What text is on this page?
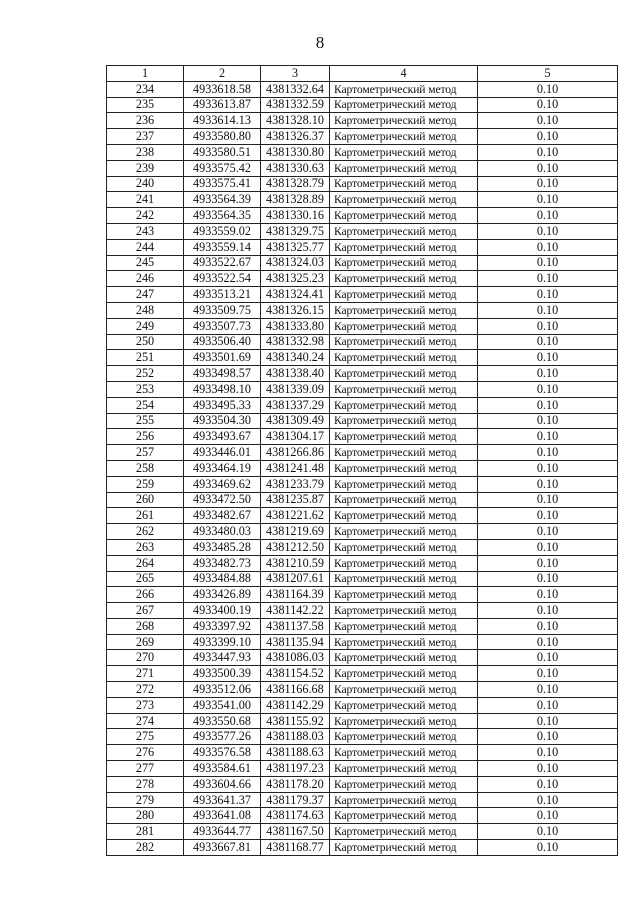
8
1	2	3	4	5
234	4933618.58	4381332.64	Картометрический метод	0.10
235	4933613.87	4381332.59	Картометрический метод	0.10
236	4933614.13	4381328.10	Картометрический метод	0.10
237	4933580.80	4381326.37	Картометрический метод	0.10
238	4933580.51	4381330.80	Картометрический метод	0.10
239	4933575.42	4381330.63	Картометрический метод	0.10
240	4933575.41	4381328.79	Картометрический метод	0.10
241	4933564.39	4381328.89	Картометрический метод	0.10
242	4933564.35	4381330.16	Картометрический метод	0.10
243	4933559.02	4381329.75	Картометрический метод	0.10
244	4933559.14	4381325.77	Картометрический метод	0.10
245	4933522.67	4381324.03	Картометрический метод	0.10
246	4933522.54	4381325.23	Картометрический метод	0.10
247	4933513.21	4381324.41	Картометрический метод	0.10
248	4933509.75	4381326.15	Картометрический метод	0.10
249	4933507.73	4381333.80	Картометрический метод	0.10
250	4933506.40	4381332.98	Картометрический метод	0.10
251	4933501.69	4381340.24	Картометрический метод	0.10
252	4933498.57	4381338.40	Картометрический метод	0.10
253	4933498.10	4381339.09	Картометрический метод	0.10
254	4933495.33	4381337.29	Картометрический метод	0.10
255	4933504.30	4381309.49	Картометрический метод	0.10
256	4933493.67	4381304.17	Картометрический метод	0.10
257	4933446.01	4381266.86	Картометрический метод	0.10
258	4933464.19	4381241.48	Картометрический метод	0.10
259	4933469.62	4381233.79	Картометрический метод	0.10
260	4933472.50	4381235.87	Картометрический метод	0.10
261	4933482.67	4381221.62	Картометрический метод	0.10
262	4933480.03	4381219.69	Картометрический метод	0.10
263	4933485.28	4381212.50	Картометрический метод	0.10
264	4933482.73	4381210.59	Картометрический метод	0.10
265	4933484.88	4381207.61	Картометрический метод	0.10
266	4933426.89	4381164.39	Картометрический метод	0.10
267	4933400.19	4381142.22	Картометрический метод	0.10
268	4933397.92	4381137.58	Картометрический метод	0.10
269	4933399.10	4381135.94	Картометрический метод	0.10
270	4933447.93	4381086.03	Картометрический метод	0.10
271	4933500.39	4381154.52	Картометрический метод	0.10
272	4933512.06	4381166.68	Картометрический метод	0.10
273	4933541.00	4381142.29	Картометрический метод	0.10
274	4933550.68	4381155.92	Картометрический метод	0.10
275	4933577.26	4381188.03	Картометрический метод	0.10
276	4933576.58	4381188.63	Картометрический метод	0.10
277	4933584.61	4381197.23	Картометрический метод	0.10
278	4933604.66	4381178.20	Картометрический метод	0.10
279	4933641.37	4381179.37	Картометрический метод	0.10
280	4933641.08	4381174.63	Картометрический метод	0.10
281	4933644.77	4381167.50	Картометрический метод	0.10
282	4933667.81	4381168.77	Картометрический метод	0.10
